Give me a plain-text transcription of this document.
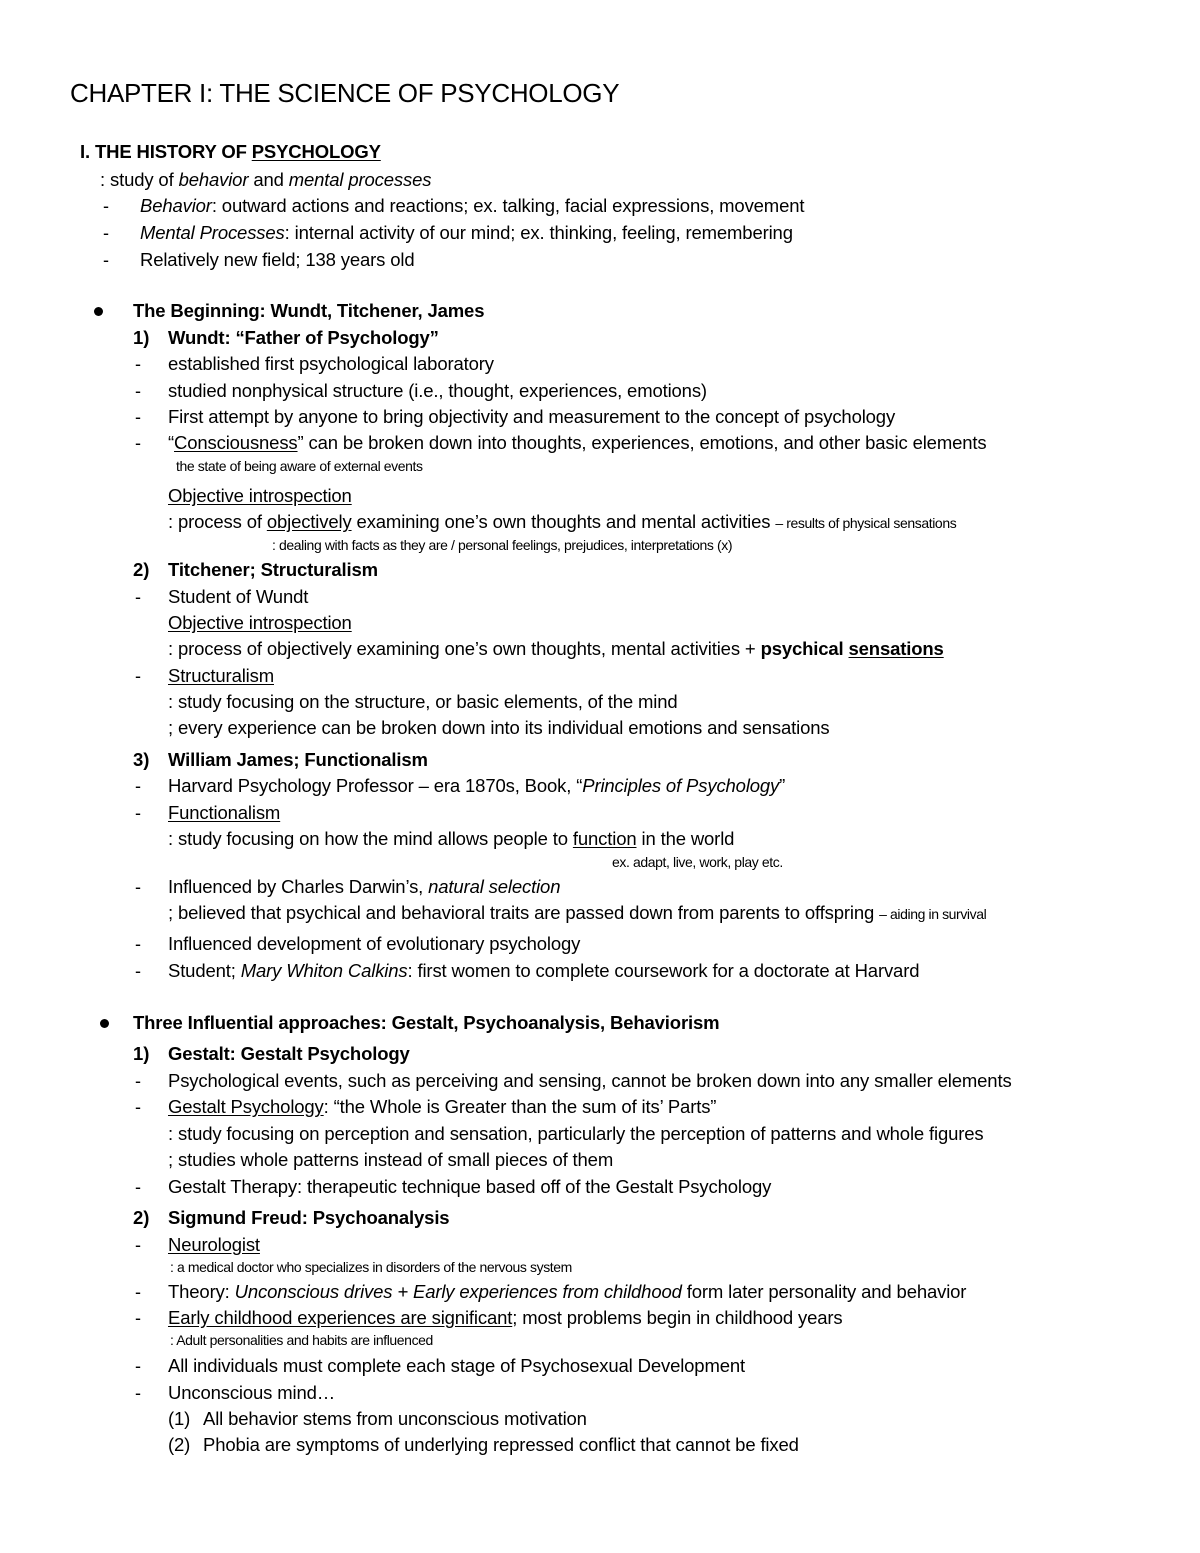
CHAPTER I: THE SCIENCE OF PSYCHOLOGY
I. THE HISTORY OF PSYCHOLOGY
: study of behavior and mental processes
- Behavior: outward actions and reactions; ex. talking, facial expressions, movement
- Mental Processes: internal activity of our mind; ex. thinking, feeling, remembering
- Relatively new field; 138 years old
The Beginning: Wundt, Titchener, James
1) Wundt: “Father of Psychology”
- established first psychological laboratory
- studied nonphysical structure (i.e., thought, experiences, emotions)
- First attempt by anyone to bring objectivity and measurement to the concept of psychology
- “Consciousness” can be broken down into thoughts, experiences, emotions, and other basic elements
the state of being aware of external events
Objective introspection
: process of objectively examining one’s own thoughts and mental activities – results of physical sensations
: dealing with facts as they are / personal feelings, prejudices, interpretations (x)
2) Titchener; Structuralism
- Student of Wundt
Objective introspection
: process of objectively examining one’s own thoughts, mental activities + psychical sensations
- Structuralism
: study focusing on the structure, or basic elements, of the mind
; every experience can be broken down into its individual emotions and sensations
3) William James; Functionalism
- Harvard Psychology Professor – era 1870s, Book, “Principles of Psychology”
- Functionalism
: study focusing on how the mind allows people to function in the world
ex. adapt, live, work, play etc.
- Influenced by Charles Darwin’s, natural selection
; believed that psychical and behavioral traits are passed down from parents to offspring – aiding in survival
- Influenced development of evolutionary psychology
- Student; Mary Whiton Calkins: first women to complete coursework for a doctorate at Harvard
Three Influential approaches: Gestalt, Psychoanalysis, Behaviorism
1) Gestalt: Gestalt Psychology
- Psychological events, such as perceiving and sensing, cannot be broken down into any smaller elements
- Gestalt Psychology: “the Whole is Greater than the sum of its’ Parts”
: study focusing on perception and sensation, particularly the perception of patterns and whole figures
; studies whole patterns instead of small pieces of them
- Gestalt Therapy: therapeutic technique based off of the Gestalt Psychology
2) Sigmund Freud: Psychoanalysis
- Neurologist
: a medical doctor who specializes in disorders of the nervous system
- Theory: Unconscious drives + Early experiences from childhood form later personality and behavior
- Early childhood experiences are significant; most problems begin in childhood years
: Adult personalities and habits are influenced
- All individuals must complete each stage of Psychosexual Development
- Unconscious mind…
(1) All behavior stems from unconscious motivation
(2) Phobia are symptoms of underlying repressed conflict that cannot be fixed
